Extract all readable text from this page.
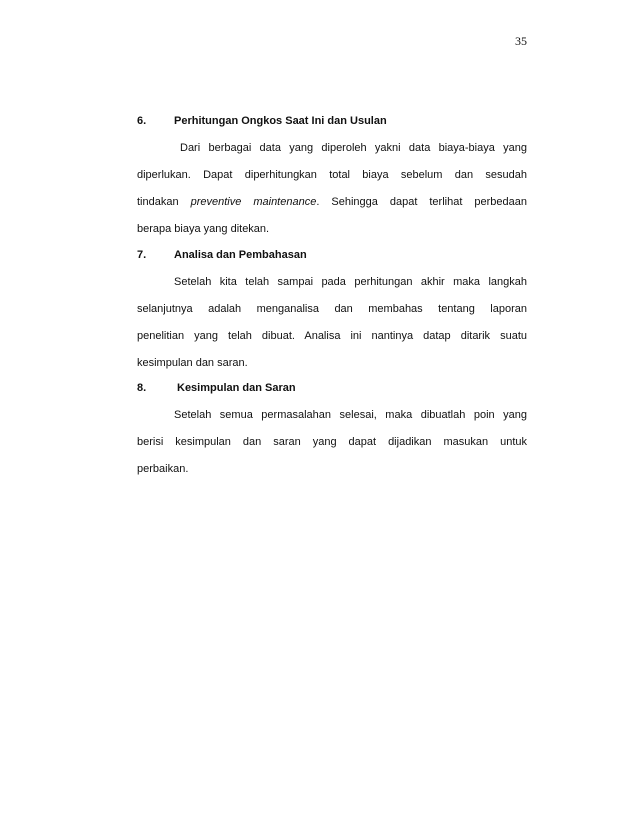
35
6.	Perhitungan Ongkos Saat Ini dan Usulan
Dari berbagai data yang diperoleh yakni data biaya-biaya yang
diperlukan. Dapat diperhitungkan total biaya sebelum dan sesudah
tindakan preventive maintenance. Sehingga dapat terlihat perbedaan
berapa biaya yang ditekan.
7.	Analisa dan Pembahasan
Setelah kita telah sampai pada perhitungan akhir maka langkah
selanjutnya adalah menganalisa dan membahas tentang laporan
penelitian yang telah dibuat. Analisa ini nantinya datap ditarik suatu
kesimpulan dan saran.
8.	Kesimpulan dan Saran
Setelah semua permasalahan selesai, maka dibuatlah poin yang
berisi kesimpulan dan saran yang dapat dijadikan masukan untuk
perbaikan.
